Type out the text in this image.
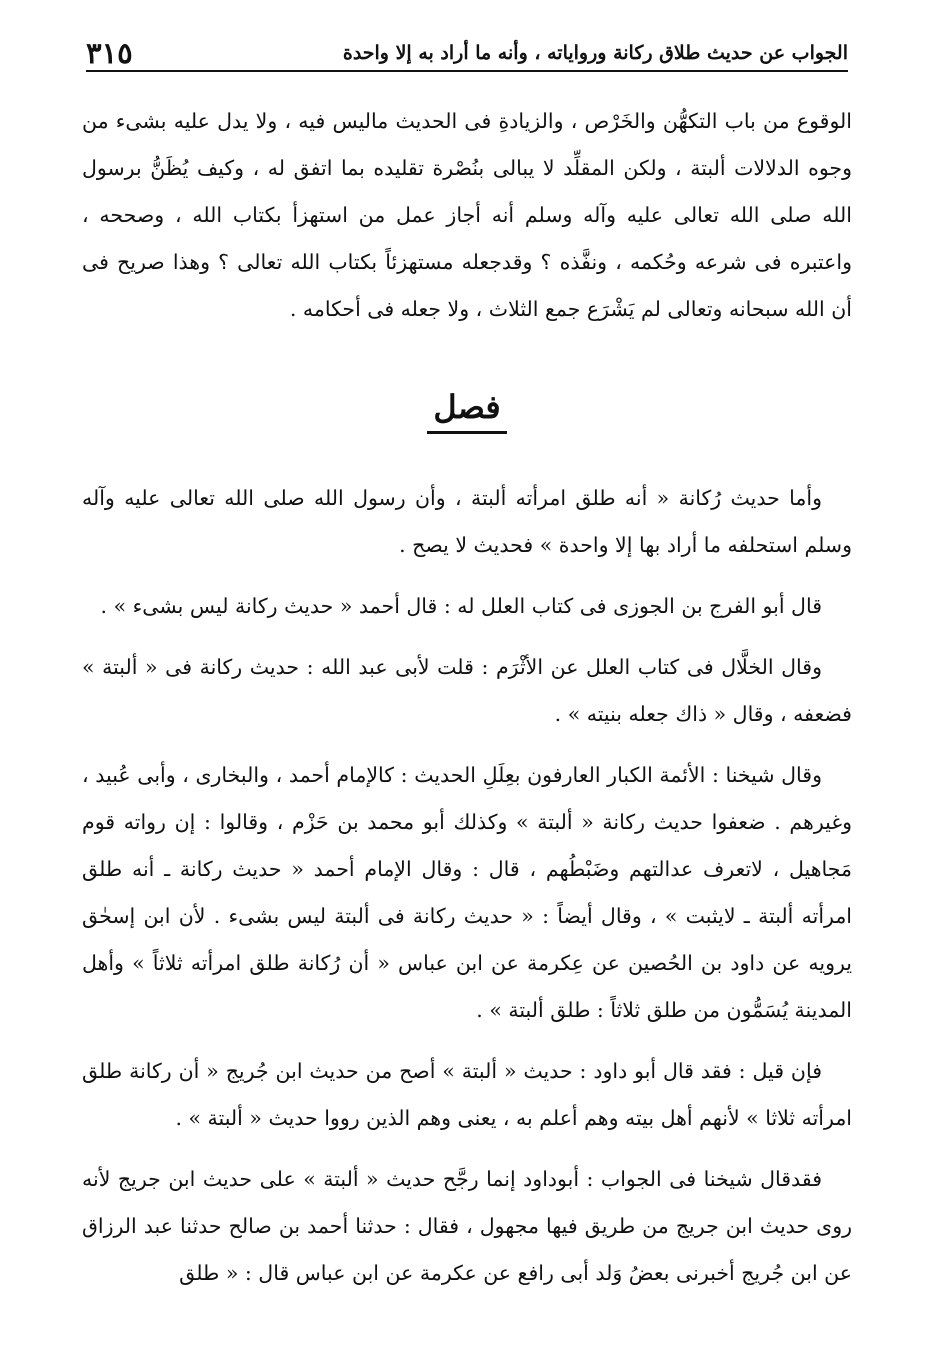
الجواب عن حديث طلاق ركانة ورواياته ، وأنه ما أراد به إلا واحدة
٣١٥

الوقوع من باب التكهُّن والخَرْص ، والزيادةِ فى الحديث ماليس فيه ، ولا يدل عليه بشىء من وجوه الدلالات ألبتة ، ولكن المقلِّد لا يبالى بنُصْرة تقليده بما اتفق له ، وكيف يُظَنُّ برسول الله صلى الله تعالى عليه وآله وسلم أنه أجاز عمل من استهزأ بكتاب الله ، وصححه ، واعتبره فى شرعه وحُكمه ، ونفَّذه ؟ وقدجعله مستهزئاً بكتاب الله تعالى ؟ وهذا صريح فى أن الله سبحانه وتعالى لم يَشْرَع جمع الثلاث ، ولا جعله فى أحكامه .

فصل

وأما حديث رُكانة « أنه طلق امرأته ألبتة ، وأن رسول الله صلى الله تعالى عليه وآله وسلم استحلفه ما أراد بها إلا واحدة » فحديث لا يصح .

قال أبو الفرج بن الجوزى فى كتاب العلل له : قال أحمد « حديث ركانة ليس بشىء » .

وقال الخلَّال فى كتاب العلل عن الأثْرَم : قلت لأبى عبد الله : حديث ركانة فى « ألبتة » فضعفه ، وقال « ذاك جعله بنيته » .

وقال شيخنا : الأئمة الكبار العارفون بعِلَلِ الحديث : كالإمام أحمد ، والبخارى ، وأبى عُبيد ، وغيرهم . ضعفوا حديث ركانة « ألبتة » وكذلك أبو محمد بن حَزْم ، وقالوا : إن رواته قوم مَجاهيل ، لاتعرف عدالتهم وضَبْطُهم ، قال : وقال الإمام أحمد « حديث ركانة ـ أنه طلق امرأته ألبتة ـ لايثبت » ، وقال أيضاً : « حديث ركانة فى ألبتة ليس بشىء . لأن ابن إسحٰق يرويه عن داود بن الحُصين عن عِكرمة عن ابن عباس « أن رُكانة طلق امرأته ثلاثاً » وأهل المدينة يُسَمُّون من طلق ثلاثاً : طلق ألبتة » .

فإن قيل : فقد قال أبو داود : حديث « ألبتة » أصح من حديث ابن جُريج « أن ركانة طلق امرأته ثلاثا » لأنهم أهل بيته وهم أعلم به ، يعنى وهم الذين رووا حديث « ألبتة » .

فقدقال شيخنا فى الجواب : أبوداود إنما رجَّح حديث « ألبتة » على حديث ابن جريج لأنه روى حديث ابن جريج من طريق فيها مجهول ، فقال : حدثنا أحمد بن صالح حدثنا عبد الرزاق عن ابن جُريج أخبرنى بعضُ وَلد أبى رافع عن عكرمة عن ابن عباس قال : « طلق
